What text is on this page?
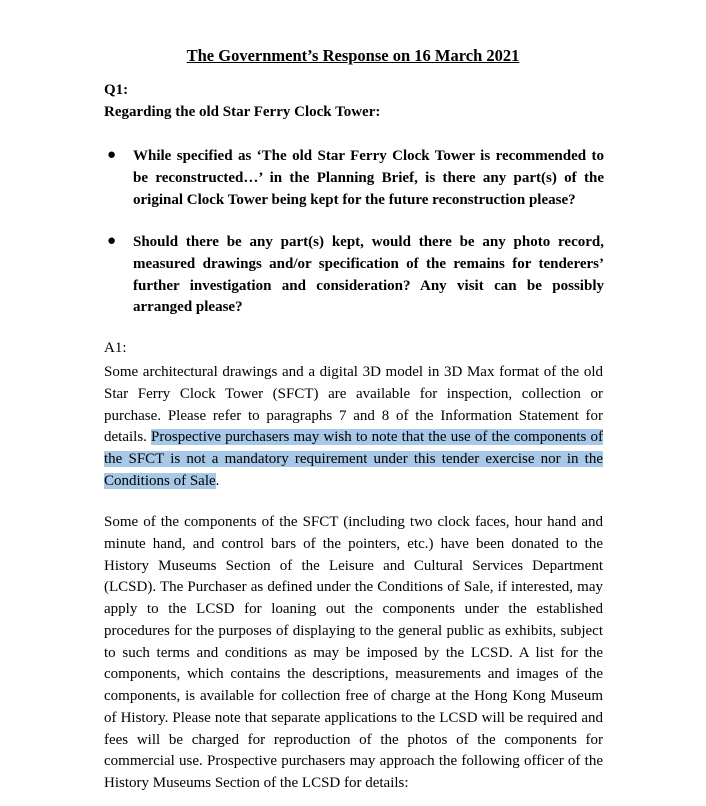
The Government’s Response on 16 March 2021
Q1:
Regarding the old Star Ferry Clock Tower:
● While specified as ‘The old Star Ferry Clock Tower is recommended to be reconstructed…’ in the Planning Brief, is there any part(s) of the original Clock Tower being kept for the future reconstruction please?
● Should there be any part(s) kept, would there be any photo record, measured drawings and/or specification of the remains for tenderers’ further investigation and consideration? Any visit can be possibly arranged please?
A1:
Some architectural drawings and a digital 3D model in 3D Max format of the old Star Ferry Clock Tower (SFCT) are available for inspection, collection or purchase. Please refer to paragraphs 7 and 8 of the Information Statement for details. Prospective purchasers may wish to note that the use of the components of the SFCT is not a mandatory requirement under this tender exercise nor in the Conditions of Sale.
Some of the components of the SFCT (including two clock faces, hour hand and minute hand, and control bars of the pointers, etc.) have been donated to the History Museums Section of the Leisure and Cultural Services Department (LCSD). The Purchaser as defined under the Conditions of Sale, if interested, may apply to the LCSD for loaning out the components under the established procedures for the purposes of displaying to the general public as exhibits, subject to such terms and conditions as may be imposed by the LCSD. A list for the components, which contains the descriptions, measurements and images of the components, is available for collection free of charge at the Hong Kong Museum of History. Please note that separate applications to the LCSD will be required and fees will be charged for reproduction of the photos of the components for commercial use. Prospective purchasers may approach the following officer of the History Museums Section of the LCSD for details:
